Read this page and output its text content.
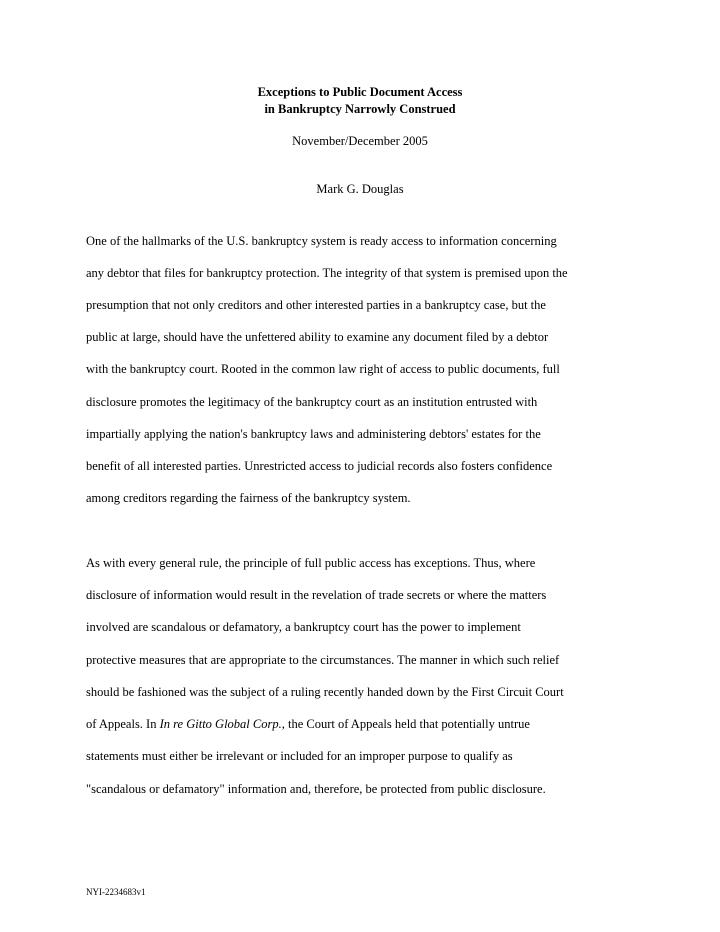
Exceptions to Public Document Access
in Bankruptcy Narrowly Construed
November/December 2005
Mark G. Douglas
One of the hallmarks of the U.S. bankruptcy system is ready access to information concerning
any debtor that files for bankruptcy protection. The integrity of that system is premised upon the
presumption that not only creditors and other interested parties in a bankruptcy case, but the
public at large, should have the unfettered ability to examine any document filed by a debtor
with the bankruptcy court. Rooted in the common law right of access to public documents, full
disclosure promotes the legitimacy of the bankruptcy court as an institution entrusted with
impartially applying the nation's bankruptcy laws and administering debtors' estates for the
benefit of all interested parties. Unrestricted access to judicial records also fosters confidence
among creditors regarding the fairness of the bankruptcy system.
As with every general rule, the principle of full public access has exceptions. Thus, where
disclosure of information would result in the revelation of trade secrets or where the matters
involved are scandalous or defamatory, a bankruptcy court has the power to implement
protective measures that are appropriate to the circumstances. The manner in which such relief
should be fashioned was the subject of a ruling recently handed down by the First Circuit Court
of Appeals. In In re Gitto Global Corp., the Court of Appeals held that potentially untrue
statements must either be irrelevant or included for an improper purpose to qualify as
"scandalous or defamatory" information and, therefore, be protected from public disclosure.
NYI-2234683v1
